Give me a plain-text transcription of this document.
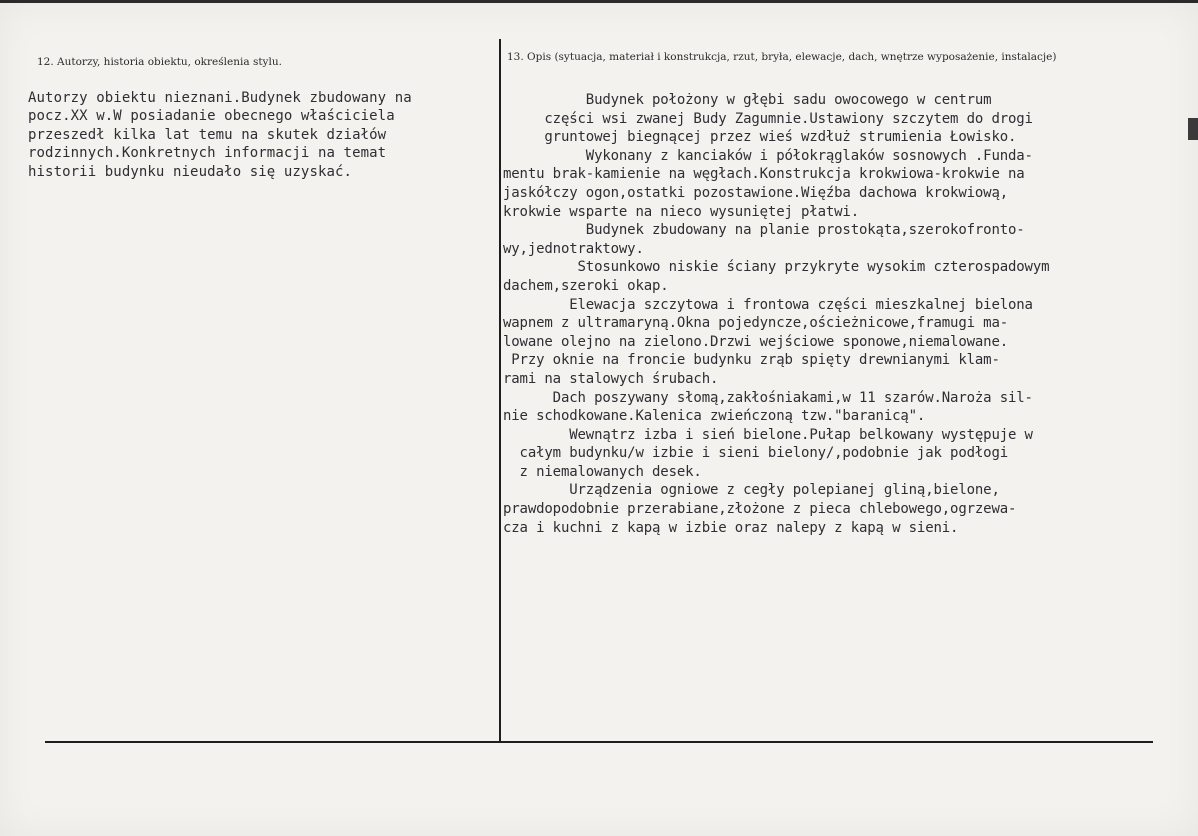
12. Autorzy, historia obiektu, określenia stylu.	13. Opis (sytuacja, materiał i konstrukcja, rzut, bryła, elewacje, dach, wnętrze wyposażenie, instalacje)
Autorzy obiektu nieznani.Budynek zbudowany na
pocz.XX w.W posiadanie obecnego właściciela
przeszedł kilka lat temu na skutek działów
rodzinnych.Konkretnych informacji na temat
historii budynku nieudało się uzyskać.
Budynek położony w głębi sadu owocowego w centrum
części wsi zwanej Budy Zagumnie.Ustawiony szczytem do drogi
gruntowej biegnącej przez wieś wzdłuż strumienia Łowisko.
Wykonany z kanciaków i półokrąglaków sosnowych .Funda-
mentu brak-kamienie na węgłach.Konstrukcja krokwiowa-krokwie na
jaskółczy ogon,ostatki pozostawione.Więźba dachowa krokwiową,
krokwie wsparte na nieco wysuniętej płatwi.
Budynek zbudowany na planie prostokąta,szerokofrontο-
wy,jednotraktowy.
Stosunkowo niskie ściany przykryte wysokim czterospadowym
dachem,szeroki okap.
Elewacja szczytowa i frontowa części mieszkalnej bielona
wapnem z ultramaryną.Okna pojedyncze,ościeżnicowe,framugi ma-
lowane olejno na zielono.Drzwi wejściowe sponowe,niemalowane.
Przy oknie na froncie budynku zrąb spięty drewnianymi klam-
rami na stalowych śrubach.
Dach poszywany słomą,zakłośniakami,w 11 szarów.Naroża sil-
nie schodkowane.Kalenica zwieńczoną tzw."baranicą".
Wewnątrz izba i sień bielone.Pułap belkowany występuje w
całym budynku/w izbie i sieni bielony/,podobnie jak podłogi
z niemalowanych desek.
Urządzenia ogniowe z cegły polepianej gliną,bielone,
prawdopodobnie przerabiane,złożone z pieca chlebowego,ogrzewa-
cza i kuchni z kapą w izbie oraz nalepy z kapą w sieni.
